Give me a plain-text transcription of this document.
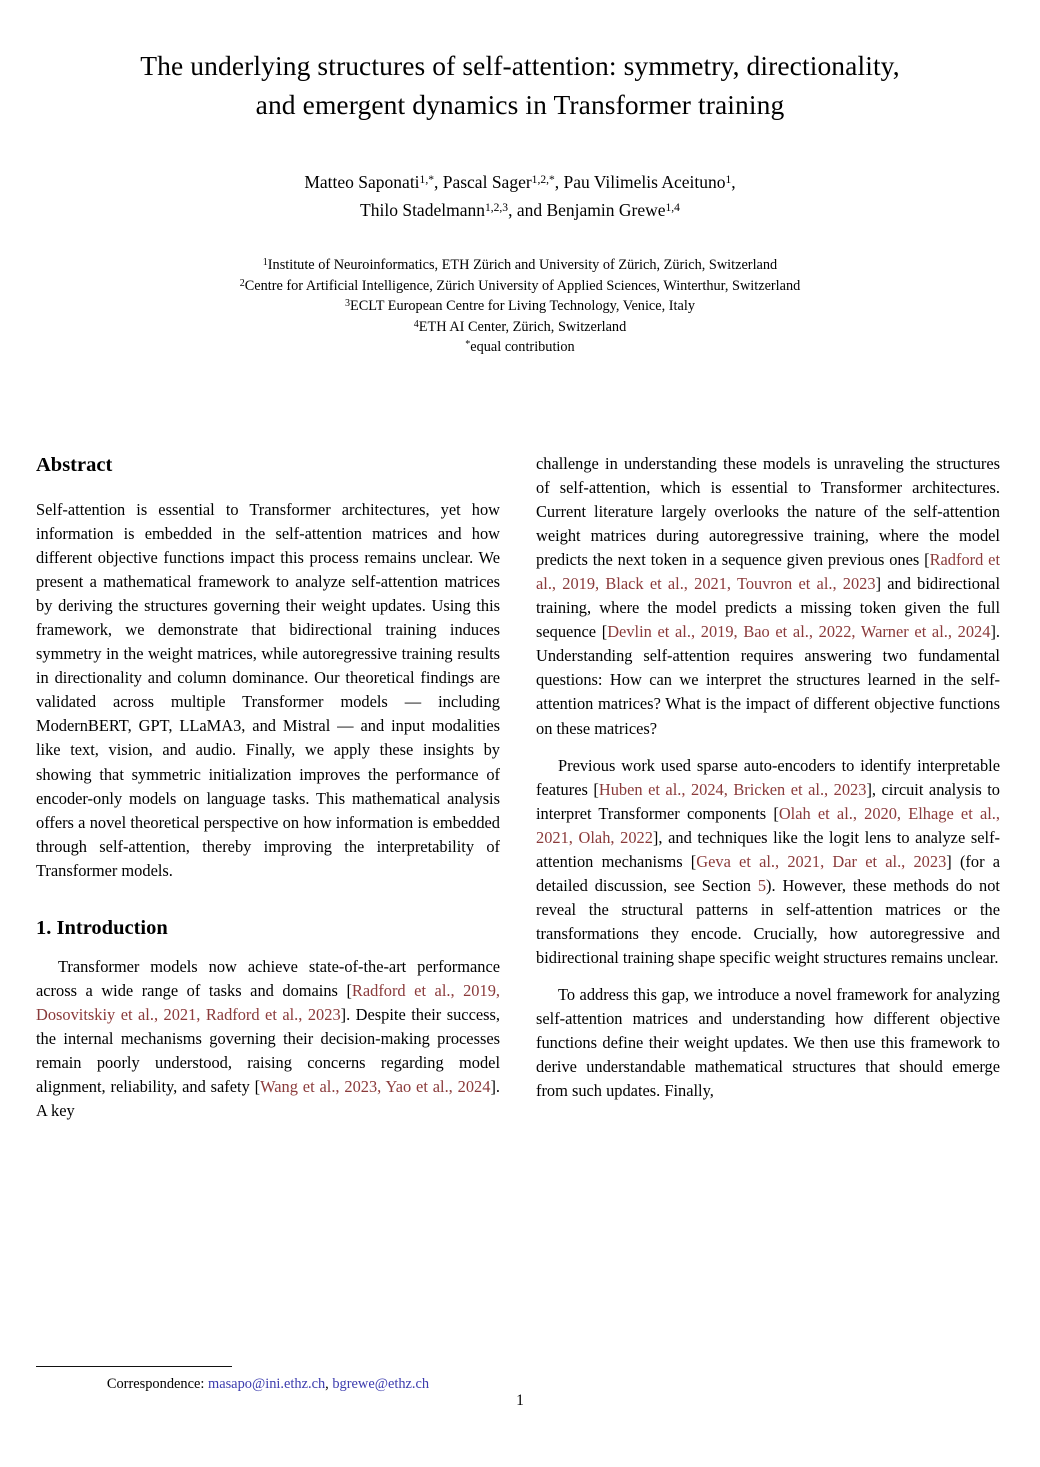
The underlying structures of self-attention: symmetry, directionality,
and emergent dynamics in Transformer training
Matteo Saponati$^{1,*}$, Pascal Sager$^{1,2,*}$, Pau Vilimelis Aceituno$^1$,
Thilo Stadelmann$^{1,2,3}$, and Benjamin Grewe$^{1,4}$
$^1$Institute of Neuroinformatics, ETH Zürich and University of Zürich, Zürich, Switzerland
$^2$Centre for Artificial Intelligence, Zürich University of Applied Sciences, Winterthur, Switzerland
$^3$ECLT European Centre for Living Technology, Venice, Italy
$^4$ETH AI Center, Zürich, Switzerland
*equal contribution
Abstract

Self-attention is essential to Transformer architectures, yet how information is embedded in the self-attention matrices and how different objective functions impact this process remains unclear. We present a mathematical framework to analyze self-attention matrices by deriving the structures governing their weight updates. Using this framework, we demonstrate that bidirectional training induces symmetry in the weight matrices, while autoregressive training results in directionality and column dominance. Our theoretical findings are validated across multiple Transformer models — including ModernBERT, GPT, LLaMA3, and Mistral — and input modalities like text, vision, and audio. Finally, we apply these insights by showing that symmetric initialization improves the performance of encoder-only models on language tasks. This mathematical analysis offers a novel theoretical perspective on how information is embedded through self-attention, thereby improving the interpretability of Transformer models.

1. Introduction

Transformer models now achieve state-of-the-art performance across a wide range of tasks and domains [Radford et al., 2019, Dosovitskiy et al., 2021, Radford et al., 2023]. Despite their success, the internal mechanisms governing their decision-making processes remain poorly understood, raising concerns regarding model alignment, reliability, and safety [Wang et al., 2023, Yao et al., 2024]. A key

challenge in understanding these models is unraveling the structures of self-attention, which is essential to Transformer architectures. Current literature largely overlooks the nature of the self-attention weight matrices during autoregressive training, where the model predicts the next token in a sequence given previous ones [Radford et al., 2019, Black et al., 2021, Touvron et al., 2023] and bidirectional training, where the model predicts a missing token given the full sequence [Devlin et al., 2019, Bao et al., 2022, Warner et al., 2024]. Understanding self-attention requires answering two fundamental questions: How can we interpret the structures learned in the self-attention matrices? What is the impact of different objective functions on these matrices?

Previous work used sparse auto-encoders to identify interpretable features [Huben et al., 2024, Bricken et al., 2023], circuit analysis to interpret Transformer components [Olah et al., 2020, Elhage et al., 2021, Olah, 2022], and techniques like the logit lens to analyze self-attention mechanisms [Geva et al., 2021, Dar et al., 2023] (for a detailed discussion, see Section 5). However, these methods do not reveal the structural patterns in self-attention matrices or the transformations they encode. Crucially, how autoregressive and bidirectional training shape specific weight structures remains unclear.

To address this gap, we introduce a novel framework for analyzing self-attention matrices and understanding how different objective functions define their weight updates. We then use this framework to derive understandable mathematical structures that should emerge from such updates. Finally,

Correspondence: masapo@ini.ethz.ch, bgrewe@ethz.ch

1
